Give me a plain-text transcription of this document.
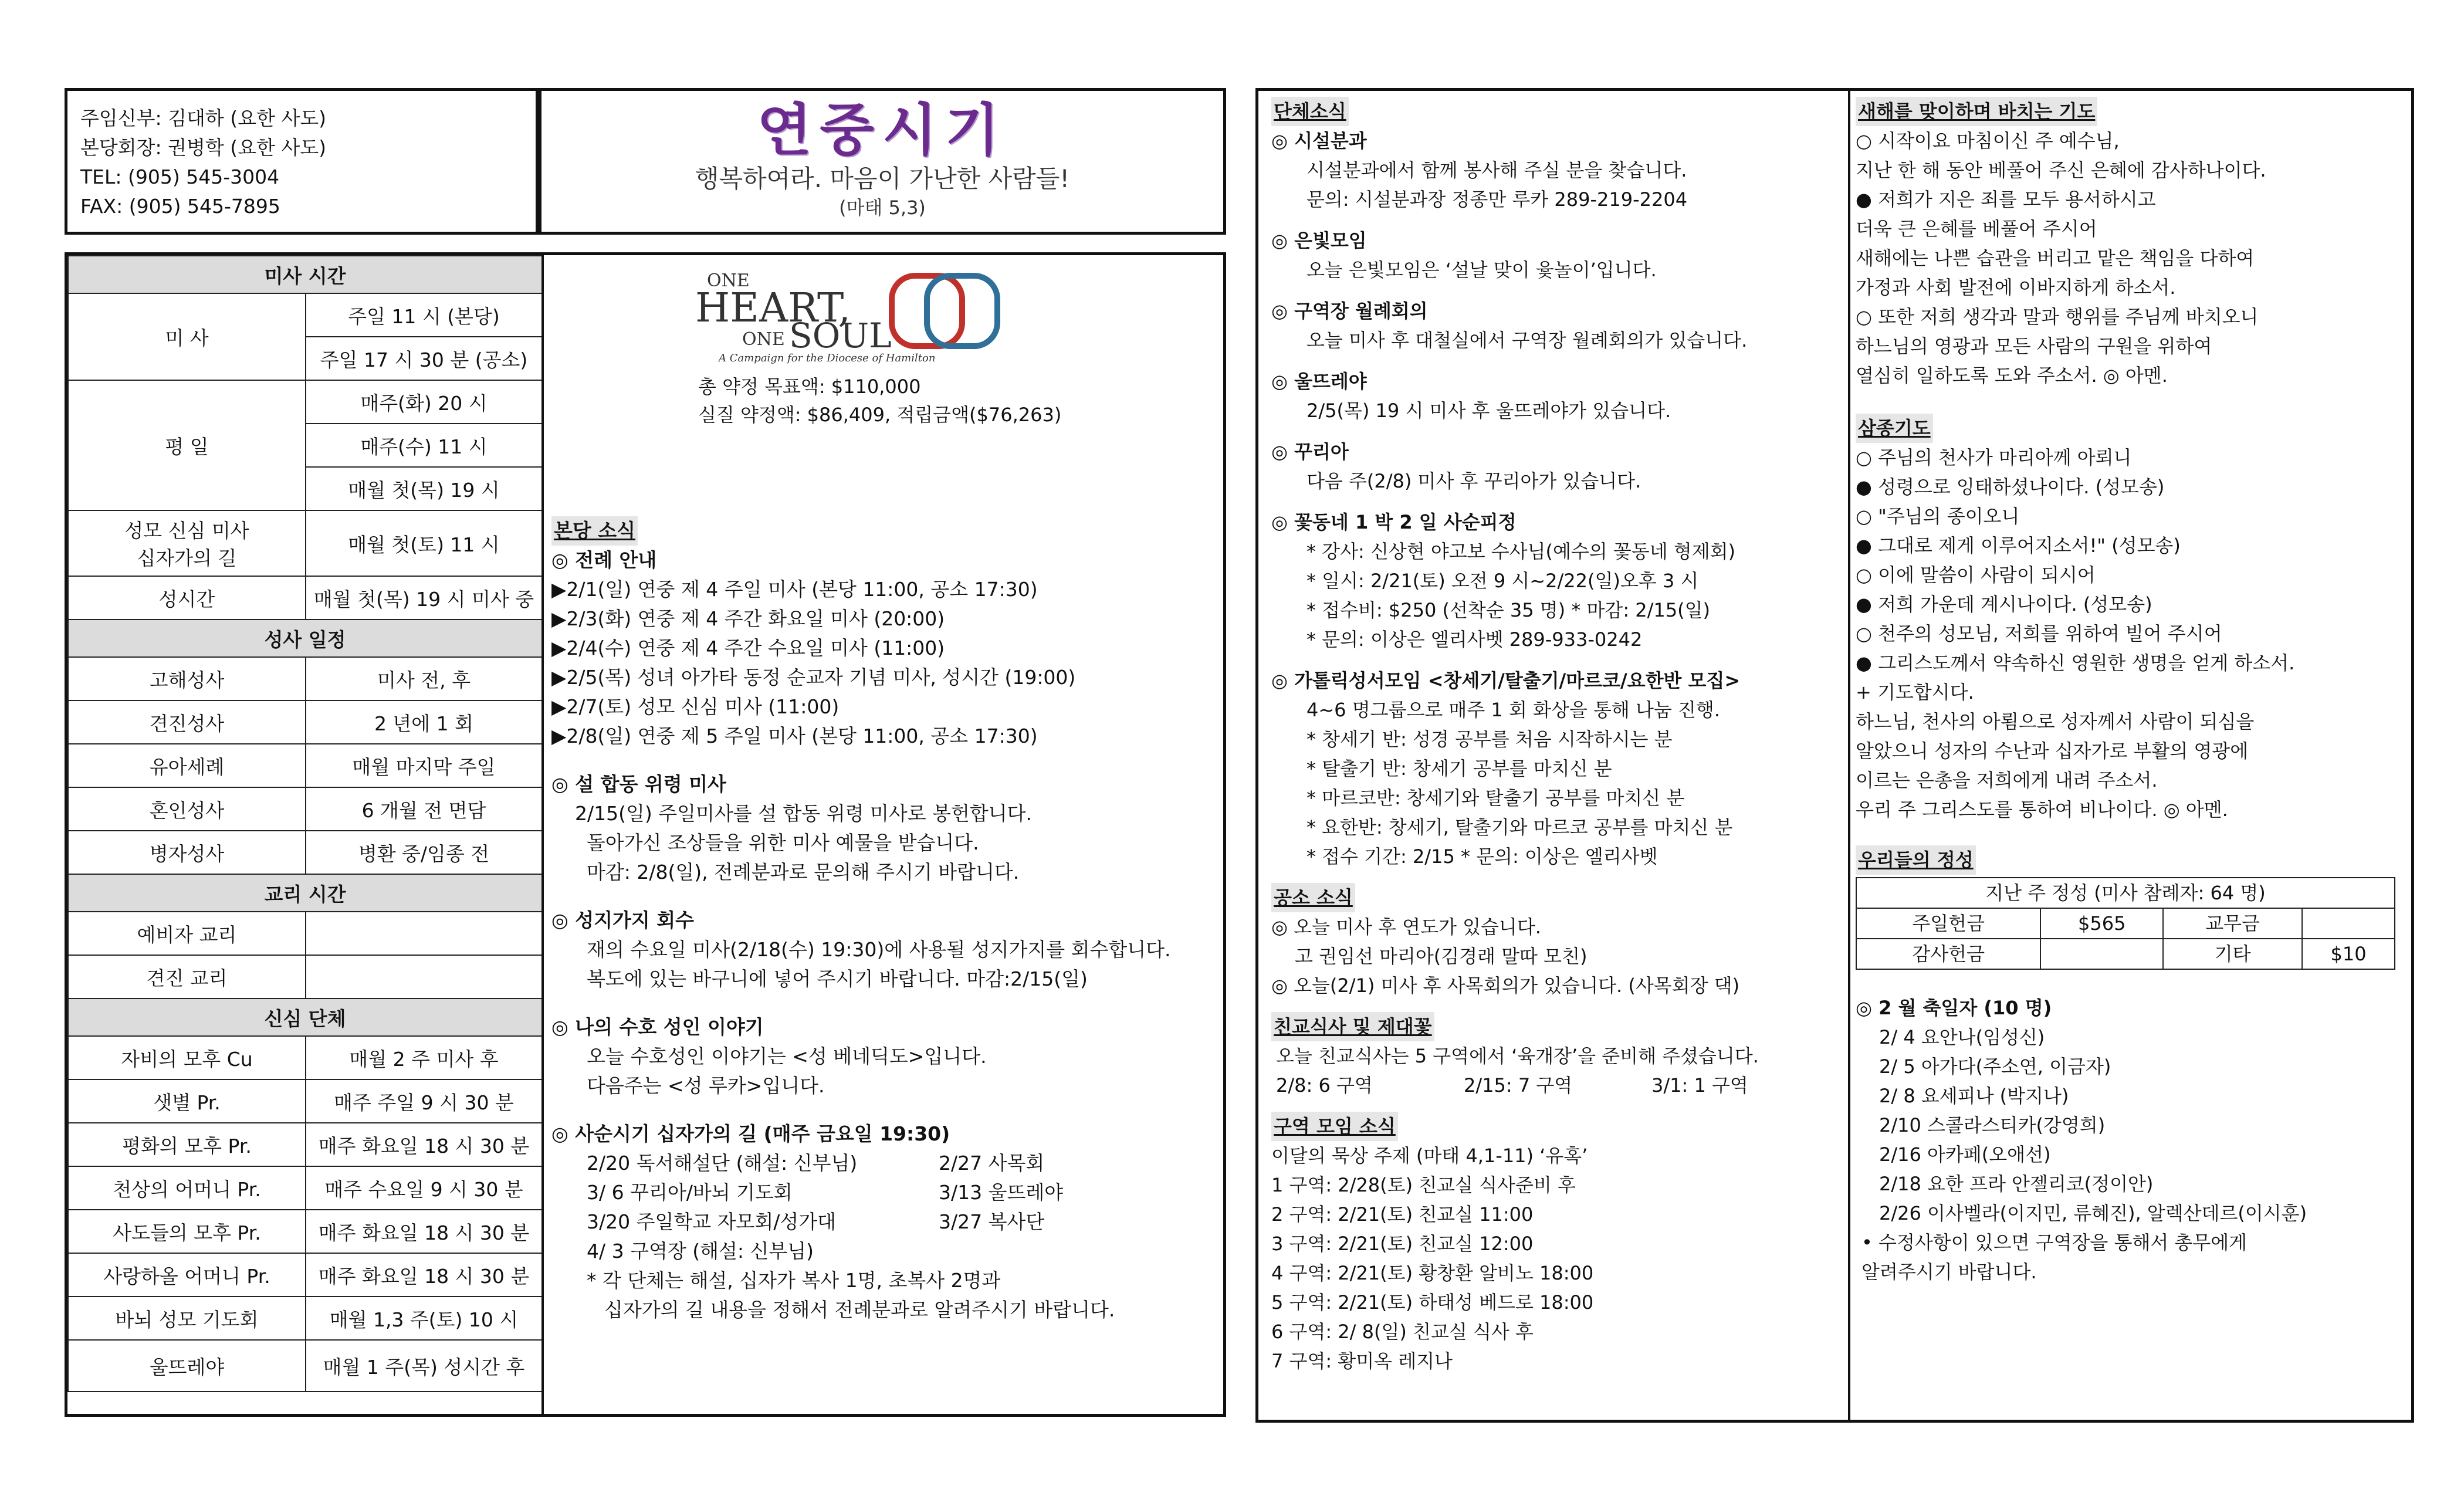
주임신부: 김대하 (요한 사도)
본당회장: 권병학 (요한 사도)
TEL: (905) 545-3004
FAX: (905) 545-7895
연중시기
행복하여라. 마음이 가난한 사람들!
(마태 5,3)
미사 시간	
미 사	주일 11 시 (본당)
	주일 17 시 30 분 (공소)
평 일	매주(화) 20 시
	매주(수) 11 시
	매월 첫(목) 19 시

성모 신심 미사
십자가의 길	매월 첫(토) 11 시
성시간	매월 첫(목) 19 시 미사 중
성사 일정	
고해성사	미사 전, 후
견진성사	2 년에 1 회
유아세례	매월 마지막 주일
혼인성사	6 개월 전 면담
병자성사	병환 중/임종 전
교리 시간	
예비자 교리	
견진 교리	
신심 단체	
자비의 모후 Cu	매월 2 주 미사 후
샛별 Pr.	매주 주일 9 시 30 분
평화의 모후 Pr.	매주 화요일 18 시 30 분
천상의 어머니 Pr.	매주 수요일 9 시 30 분
사도들의 모후 Pr.	매주 화요일 18 시 30 분
사랑하올 어머니 Pr.	매주 화요일 18 시 30 분
바뇌 성모 기도회	매월 1,3 주(토) 10 시
울뜨레야	매월 1 주(목) 성시간 후
ONE
HEART,
ONE SOUL
A Campaign for the Diocese of Hamilton
총 약정 목표액: $110,000
실질 약정액: $86,409, 적립금액($76,263)
본당 소식
◎ 전례 안내
▶2/1(일) 연중 제 4 주일 미사 (본당 11:00, 공소 17:30)
▶2/3(화) 연중 제 4 주간 화요일 미사 (20:00)
▶2/4(수) 연중 제 4 주간 수요일 미사 (11:00)
▶2/5(목) 성녀 아가타 동정 순교자 기념 미사, 성시간 (19:00)
▶2/7(토) 성모 신심 미사 (11:00)
▶2/8(일) 연중 제 5 주일 미사 (본당 11:00, 공소 17:30)
◎ 설 합동 위령 미사
2/15(일) 주일미사를 설 합동 위령 미사로 봉헌합니다.
돌아가신 조상들을 위한 미사 예물을 받습니다.
마감: 2/8(일), 전례분과로 문의해 주시기 바랍니다.
◎ 성지가지 회수
재의 수요일 미사(2/18(수) 19:30)에 사용될 성지가지를 회수합니다.
복도에 있는 바구니에 넣어 주시기 바랍니다. 마감:2/15(일)
◎ 나의 수호 성인 이야기
오늘 수호성인 이야기는 <성 베네딕도>입니다.
다음주는 <성 루카>입니다.
◎ 사순시기 십자가의 길 (매주 금요일 19:30)
2/20 독서해설단 (해설: 신부님)	2/27 사목회
3/ 6 꾸리아/바뇌 기도회	3/13 울뜨레야
3/20 주일학교 자모회/성가대	3/27 복사단
4/ 3 구역장 (해설: 신부님)
* 각 단체는 해설, 십자가 복사 1명, 초복사 2명과
십자가의 길 내용을 정해서 전례분과로 알려주시기 바랍니다.
단체소식
◎ 시설분과
시설분과에서 함께 봉사해 주실 분을 찾습니다.
문의: 시설분과장 정종만 루카 289-219-2204
◎ 은빛모임
오늘 은빛모임은 ‘설날 맞이 윷놀이’입니다.
◎ 구역장 월례회의
오늘 미사 후 대철실에서 구역장 월례회의가 있습니다.
◎ 울뜨레야
2/5(목) 19 시 미사 후 울뜨레야가 있습니다.
◎ 꾸리아
다음 주(2/8) 미사 후 꾸리아가 있습니다.
◎ 꽃동네 1 박 2 일 사순피정
* 강사: 신상현 야고보 수사님(예수의 꽃동네 형제회)
* 일시: 2/21(토) 오전 9 시~2/22(일)오후 3 시
* 접수비: $250 (선착순 35 명) * 마감: 2/15(일)
* 문의: 이상은 엘리사벳 289-933-0242
◎ 가톨릭성서모임 <창세기/탈출기/마르코/요한반 모집>
4~6 명그룹으로 매주 1 회 화상을 통해 나눔 진행.
* 창세기 반: 성경 공부를 처음 시작하시는 분
* 탈출기 반: 창세기 공부를 마치신 분
* 마르코반: 창세기와 탈출기 공부를 마치신 분
* 요한반: 창세기, 탈출기와 마르코 공부를 마치신 분
* 접수 기간: 2/15 * 문의: 이상은 엘리사벳
공소 소식
◎ 오늘 미사 후 연도가 있습니다.
고 권임선 마리아(김경래 말따 모친)
◎ 오늘(2/1) 미사 후 사목회의가 있습니다. (사목회장 댁)
친교식사 및 제대꽃
오늘 친교식사는 5 구역에서 ‘육개장’을 준비해 주셨습니다.
2/8: 6 구역	2/15: 7 구역	3/1: 1 구역
구역 모임 소식
이달의 묵상 주제 (마태 4,1-11) ‘유혹’
1 구역: 2/28(토) 친교실 식사준비 후
2 구역: 2/21(토) 친교실 11:00
3 구역: 2/21(토) 친교실 12:00
4 구역: 2/21(토) 황창환 알비노 18:00
5 구역: 2/21(토) 하태성 베드로 18:00
6 구역: 2/ 8(일) 친교실 식사 후
7 구역: 황미옥 레지나
새해를 맞이하며 바치는 기도
○ 시작이요 마침이신 주 예수님,
지난 한 해 동안 베풀어 주신 은혜에 감사하나이다.
● 저희가 지은 죄를 모두 용서하시고
더욱 큰 은혜를 베풀어 주시어
새해에는 나쁜 습관을 버리고 맡은 책임을 다하여
가정과 사회 발전에 이바지하게 하소서.
○ 또한 저희 생각과 말과 행위를 주님께 바치오니
하느님의 영광과 모든 사람의 구원을 위하여
열심히 일하도록 도와 주소서. ◎ 아멘.
삼종기도
○ 주님의 천사가 마리아께 아뢰니
● 성령으로 잉태하셨나이다. (성모송)
○ "주님의 종이오니
● 그대로 제게 이루어지소서!" (성모송)
○ 이에 말씀이 사람이 되시어
● 저희 가운데 계시나이다. (성모송)
○ 천주의 성모님, 저희를 위하여 빌어 주시어
● 그리스도께서 약속하신 영원한 생명을 얻게 하소서.
+ 기도합시다.
하느님, 천사의 아룀으로 성자께서 사람이 되심을
알았으니 성자의 수난과 십자가로 부활의 영광에
이르는 은총을 저희에게 내려 주소서.
우리 주 그리스도를 통하여 비나이다. ◎ 아멘.
우리들의 정성
지난 주 정성 (미사 참례자: 64 명)			
주일헌금	$565	교무금	
감사헌금		기타	$10
◎ 2 월 축일자 (10 명)
2/ 4 요안나(임성신)
2/ 5 아가다(주소연, 이금자)
2/ 8 요세피나 (박지나)
2/10 스콜라스티카(강영희)
2/16 아카페(오애선)
2/18 요한 프라 안젤리코(정이안)
2/26 이사벨라(이지민, 류혜진), 알렉산데르(이시훈)
• 수정사항이 있으면 구역장을 통해서 총무에게
알려주시기 바랍니다.
